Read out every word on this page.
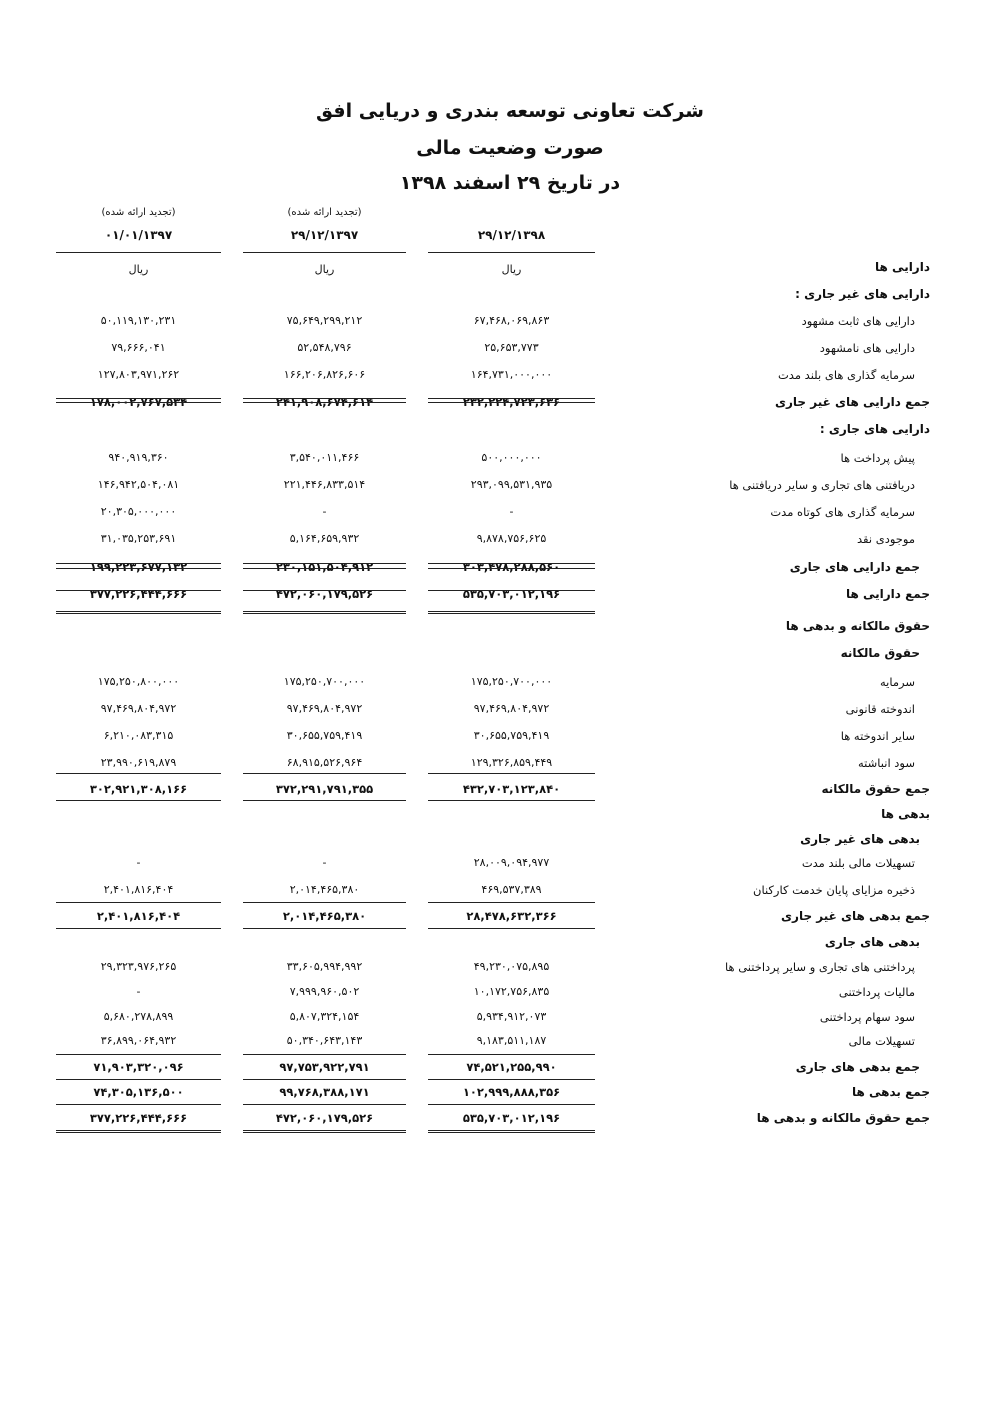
شرکت تعاونی توسعه بندری و دریایی افق
صورت وضعیت مالی
در تاریخ ۲۹ اسفند ۱۳۹۸
۲۹/۱۲/۱۳۹۸
ریال
(تجدید ارائه شده)
۲۹/۱۲/۱۳۹۷
ریال
(تجدید ارائه شده)
۰۱/۰۱/۱۳۹۷
ریال	دارایی ها
دارایی های غیر جاری :
دارایی های ثابت مشهود
۶۷,۴۶۸,۰۶۹,۸۶۳
۷۵,۶۴۹,۲۹۹,۲۱۲
۵۰,۱۱۹,۱۳۰,۲۳۱
دارایی های نامشهود
۲۵,۶۵۳,۷۷۳
۵۲,۵۴۸,۷۹۶
۷۹,۶۶۶,۰۴۱
سرمایه گذاری های بلند مدت
۱۶۴,۷۳۱,۰۰۰,۰۰۰
۱۶۶,۲۰۶,۸۲۶,۶۰۶
۱۲۷,۸۰۳,۹۷۱,۲۶۲
جمع دارایی های غیر جاری
۲۳۲,۲۲۴,۷۲۳,۶۳۶
۲۴۱,۹۰۸,۶۷۴,۶۱۴
۱۷۸,۰۰۲,۷۶۷,۵۳۴
دارایی های جاری :
پیش پرداخت ها
۵۰۰,۰۰۰,۰۰۰
۳,۵۴۰,۰۱۱,۴۶۶
۹۴۰,۹۱۹,۳۶۰
دریافتنی های تجاری و سایر دریافتنی ها
۲۹۳,۰۹۹,۵۳۱,۹۳۵
۲۲۱,۴۴۶,۸۳۳,۵۱۴
۱۴۶,۹۴۲,۵۰۴,۰۸۱
سرمایه گذاری های کوتاه مدت
-
-
۲۰,۳۰۵,۰۰۰,۰۰۰
موجودی نقد
۹,۸۷۸,۷۵۶,۶۲۵
۵,۱۶۴,۶۵۹,۹۳۲
۳۱,۰۳۵,۲۵۳,۶۹۱
جمع دارایی های جاری
۳۰۳,۴۷۸,۲۸۸,۵۶۰
۲۳۰,۱۵۱,۵۰۴,۹۱۲
۱۹۹,۲۲۳,۶۷۷,۱۳۲
جمع دارایی ها
۵۳۵,۷۰۳,۰۱۲,۱۹۶
۴۷۲,۰۶۰,۱۷۹,۵۲۶
۳۷۷,۲۲۶,۴۴۴,۶۶۶
حقوق مالکانه و بدهی ها
حقوق مالکانه
سرمایه
۱۷۵,۲۵۰,۷۰۰,۰۰۰
۱۷۵,۲۵۰,۷۰۰,۰۰۰
۱۷۵,۲۵۰,۸۰۰,۰۰۰
اندوخته قانونی
۹۷,۴۶۹,۸۰۴,۹۷۲
۹۷,۴۶۹,۸۰۴,۹۷۲
۹۷,۴۶۹,۸۰۴,۹۷۲
سایر اندوخته ها
۳۰,۶۵۵,۷۵۹,۴۱۹
۳۰,۶۵۵,۷۵۹,۴۱۹
۶,۲۱۰,۰۸۳,۳۱۵
سود انباشته
۱۲۹,۳۲۶,۸۵۹,۴۴۹
۶۸,۹۱۵,۵۲۶,۹۶۴
۲۳,۹۹۰,۶۱۹,۸۷۹
جمع حقوق مالکانه
۴۳۲,۷۰۳,۱۲۳,۸۴۰
۳۷۲,۲۹۱,۷۹۱,۳۵۵
۳۰۲,۹۲۱,۳۰۸,۱۶۶
بدهی ها
بدهی های غیر جاری
تسهیلات مالی بلند مدت
۲۸,۰۰۹,۰۹۴,۹۷۷
-
-
ذخیره مزایای پایان خدمت کارکنان
۴۶۹,۵۳۷,۳۸۹
۲,۰۱۴,۴۶۵,۳۸۰
۲,۴۰۱,۸۱۶,۴۰۴
جمع بدهی های غیر جاری
۲۸,۴۷۸,۶۳۲,۳۶۶
۲,۰۱۴,۴۶۵,۳۸۰
۲,۴۰۱,۸۱۶,۴۰۴
بدهی های جاری
پرداختنی های تجاری و سایر پرداختنی ها
۴۹,۲۳۰,۰۷۵,۸۹۵
۳۳,۶۰۵,۹۹۴,۹۹۲
۲۹,۳۲۳,۹۷۶,۲۶۵
مالیات پرداختنی
۱۰,۱۷۲,۷۵۶,۸۳۵
۷,۹۹۹,۹۶۰,۵۰۲
-
سود سهام پرداختنی
۵,۹۳۴,۹۱۲,۰۷۳
۵,۸۰۷,۳۲۴,۱۵۴
۵,۶۸۰,۲۷۸,۸۹۹
تسهیلات مالی
۹,۱۸۳,۵۱۱,۱۸۷
۵۰,۳۴۰,۶۴۳,۱۴۳
۳۶,۸۹۹,۰۶۴,۹۳۲
جمع بدهی های جاری
۷۴,۵۲۱,۲۵۵,۹۹۰
۹۷,۷۵۳,۹۲۲,۷۹۱
۷۱,۹۰۳,۳۲۰,۰۹۶
جمع بدهی ها
۱۰۲,۹۹۹,۸۸۸,۳۵۶
۹۹,۷۶۸,۳۸۸,۱۷۱
۷۴,۳۰۵,۱۳۶,۵۰۰
جمع حقوق مالکانه و بدهی ها
۵۳۵,۷۰۳,۰۱۲,۱۹۶
۴۷۲,۰۶۰,۱۷۹,۵۲۶
۳۷۷,۲۲۶,۴۴۴,۶۶۶
